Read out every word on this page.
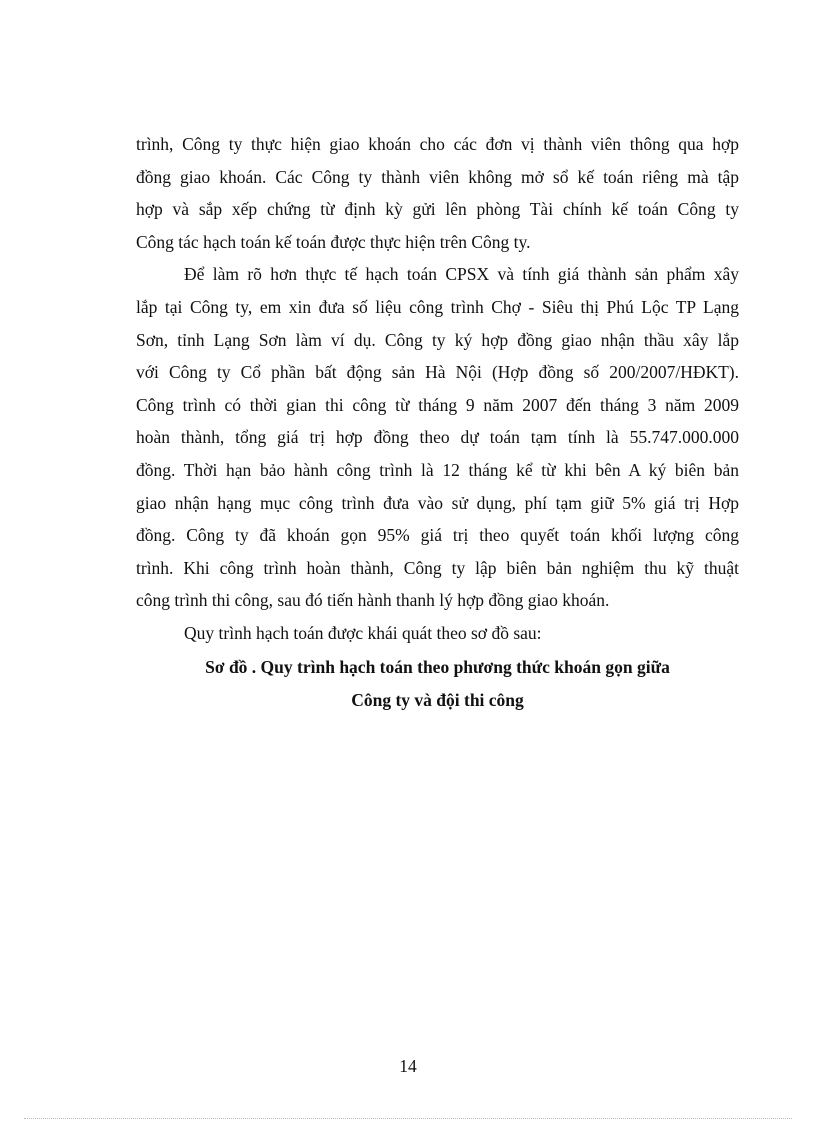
trình, Công ty thực hiện giao khoán cho các đơn vị thành viên thông qua hợp
đồng giao khoán. Các Công ty thành viên không mở sổ kế toán riêng mà tập
hợp và sắp xếp chứng từ định kỳ gửi lên phòng Tài chính kế toán Công ty
Công tác hạch toán kế toán được thực hiện trên Công ty.

Để làm rõ hơn thực tế hạch toán CPSX và tính giá thành sản phẩm xây
lắp tại Công ty, em xin đưa số liệu công trình Chợ - Siêu thị Phú Lộc TP Lạng
Sơn, tỉnh Lạng Sơn làm ví dụ. Công ty ký hợp đồng giao nhận thầu xây lắp
với Công ty Cổ phần bất động sản Hà Nội (Hợp đồng số 200/2007/HĐKT).
Công trình có thời gian thi công từ tháng 9 năm 2007 đến tháng 3 năm 2009
hoàn thành, tổng giá trị hợp đồng theo dự toán tạm tính là 55.747.000.000
đồng. Thời hạn bảo hành công trình là 12 tháng kể từ khi bên A ký biên bản
giao nhận hạng mục công trình đưa vào sử dụng, phí tạm giữ 5% giá trị Hợp
đồng. Công ty đã khoán gọn 95% giá trị theo quyết toán khối lượng công
trình. Khi công trình hoàn thành, Công ty lập biên bản nghiệm thu kỹ thuật
công trình thi công, sau đó tiến hành thanh lý hợp đồng giao khoán.

Quy trình hạch toán được khái quát theo sơ đồ sau:

Sơ đồ . Quy trình hạch toán theo phương thức khoán gọn giữa

Công ty và đội thi công

14
